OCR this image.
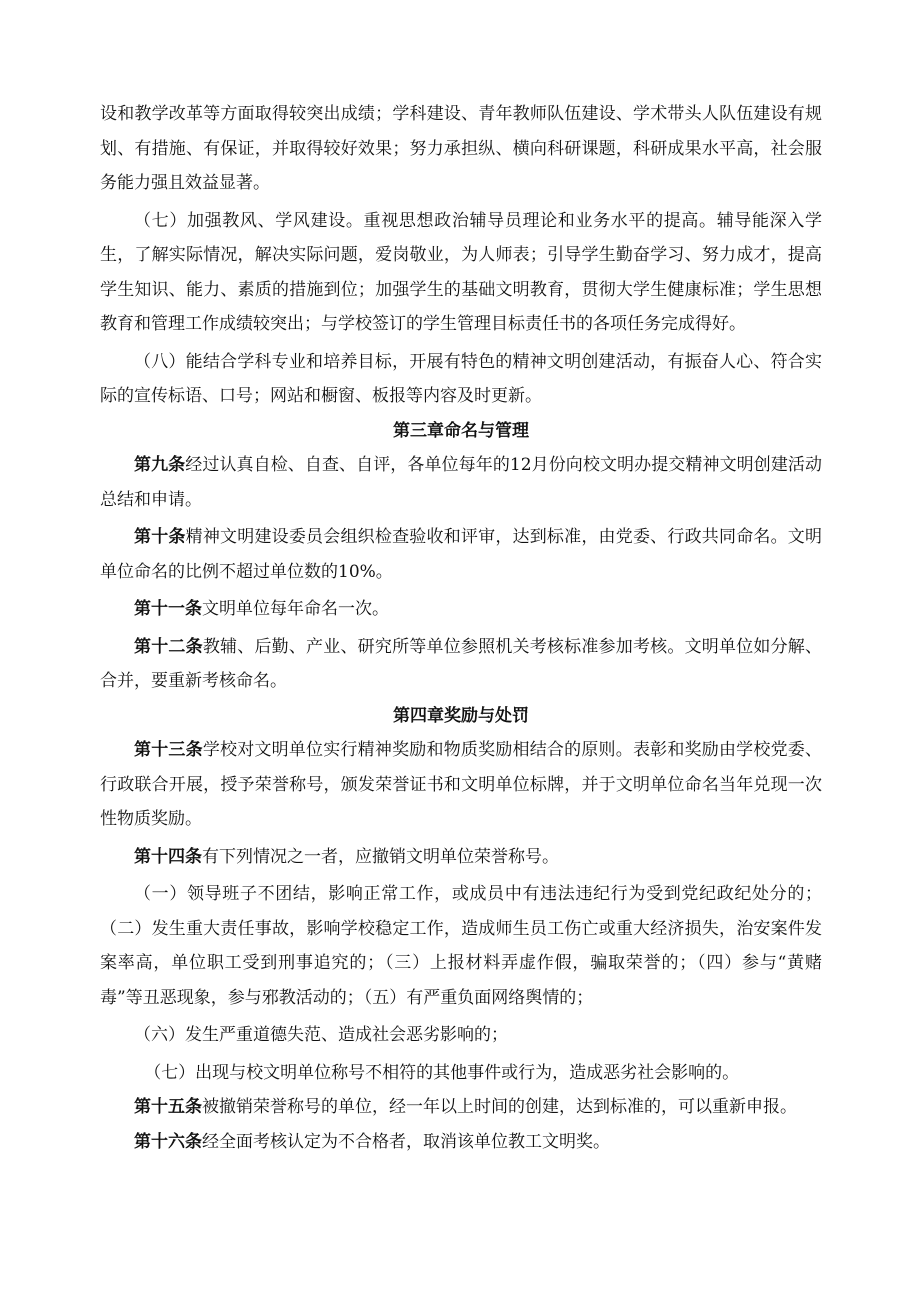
设和教学改革等方面取得较突出成绩；学科建设、青年教师队伍建设、学术带头人队伍建设有规划、有措施、有保证，并取得较好效果；努力承担纵、横向科研课题，科研成果水平高，社会服务能力强且效益显著。

（七）加强教风、学风建设。重视思想政治辅导员理论和业务水平的提高。辅导能深入学生，了解实际情况，解决实际问题，爱岗敬业，为人师表；引导学生勤奋学习、努力成才，提高学生知识、能力、素质的措施到位；加强学生的基础文明教育，贯彻大学生健康标准；学生思想教育和管理工作成绩较突出；与学校签订的学生管理目标责任书的各项任务完成得好。

（八）能结合学科专业和培养目标，开展有特色的精神文明创建活动，有振奋人心、符合实际的宣传标语、口号；网站和橱窗、板报等内容及时更新。

第三章命名与管理

第九条经过认真自检、自查、自评，各单位每年的12月份向校文明办提交精神文明创建活动总结和申请。

第十条精神文明建设委员会组织检查验收和评审，达到标准，由党委、行政共同命名。文明单位命名的比例不超过单位数的10%。

第十一条文明单位每年命名一次。

第十二条教辅、后勤、产业、研究所等单位参照机关考核标准参加考核。文明单位如分解、合并，要重新考核命名。

第四章奖励与处罚

第十三条学校对文明单位实行精神奖励和物质奖励相结合的原则。表彰和奖励由学校党委、行政联合开展，授予荣誉称号，颁发荣誉证书和文明单位标牌，并于文明单位命名当年兑现一次性物质奖励。

第十四条有下列情况之一者，应撤销文明单位荣誉称号。

（一）领导班子不团结，影响正常工作，或成员中有违法违纪行为受到党纪政纪处分的；（二）发生重大责任事故，影响学校稳定工作，造成师生员工伤亡或重大经济损失，治安案件发案率高，单位职工受到刑事追究的；（三）上报材料弄虚作假，骗取荣誉的；（四）参与“黄赌毒”等丑恶现象，参与邪教活动的；（五）有严重负面网络舆情的；

（六）发生严重道德失范、造成社会恶劣影响的；

（七）出现与校文明单位称号不相符的其他事件或行为，造成恶劣社会影响的。

第十五条被撤销荣誉称号的单位，经一年以上时间的创建，达到标准的，可以重新申报。

第十六条经全面考核认定为不合格者，取消该单位教工文明奖。
